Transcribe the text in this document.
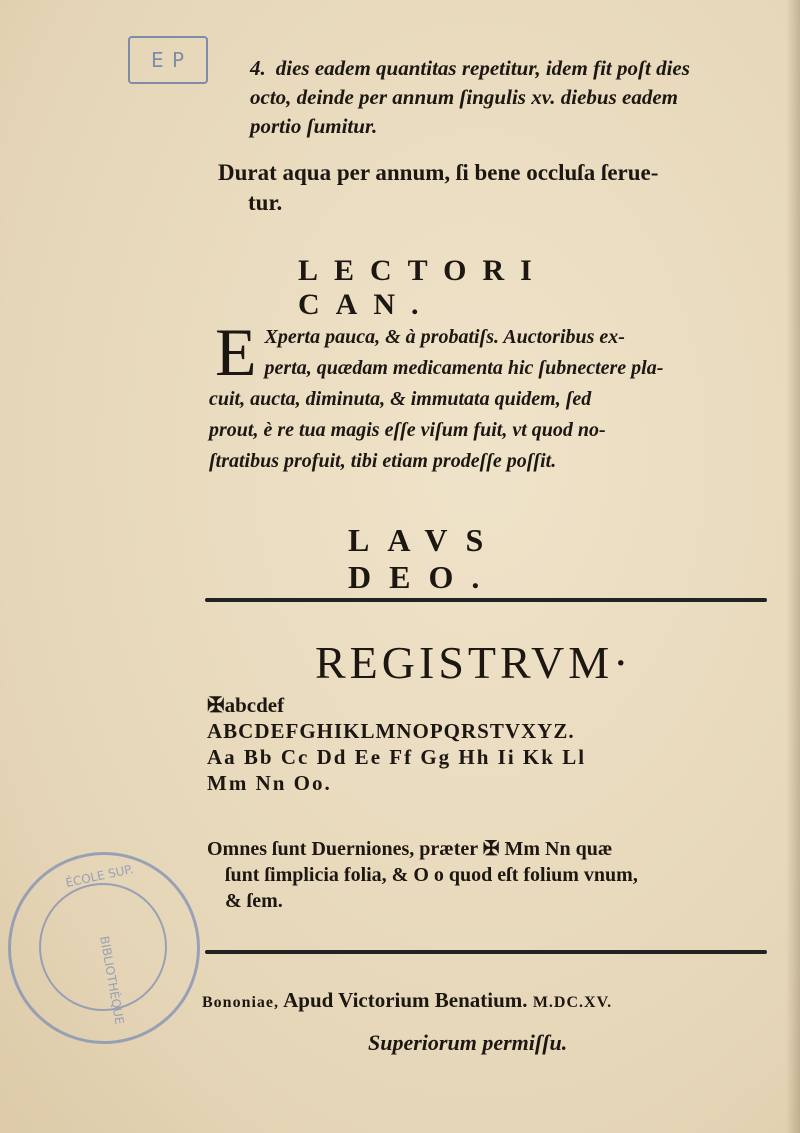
E P	4. dies eadem quantitas repetitur, idem fit poſt dies
octo, deinde per annum ſingulis xv. diebus eadem
portio ſumitur.
Durat aqua per annum, ſi bene occluſa ſerue-
tur.
LECTORI CAN.
E Xperta pauca, & à probatiſs. Auctoribus ex-
perta, quædam medicamenta hic ſubnectere pla-
cuit, aucta, diminuta, & immutata quidem, ſed
prout, è re tua magis eſſe viſum fuit, vt quod no-
ſtratibus profuit, tibi etiam prodeſſe poſſit.
LAVS DEO.
REGISTRVM·
✠abcdef
ABCDEFGHIKLMNOPQRSTVXYZ.
Aa Bb Cc Dd Ee Ff Gg Hh Ii Kk Ll
Mm Nn Oo.
Omnes ſunt Duerniones, præter ✠ Mm Nn quæ
ſunt ſimplicia folia, & O o quod eſt folium vnum,
& ſem.
Bononiae, Apud Victorium Benatium. M.DC.XV.
Superiorum permiſſu.
ÉCOLE SUP.
BIBLIOTHÈQUE
